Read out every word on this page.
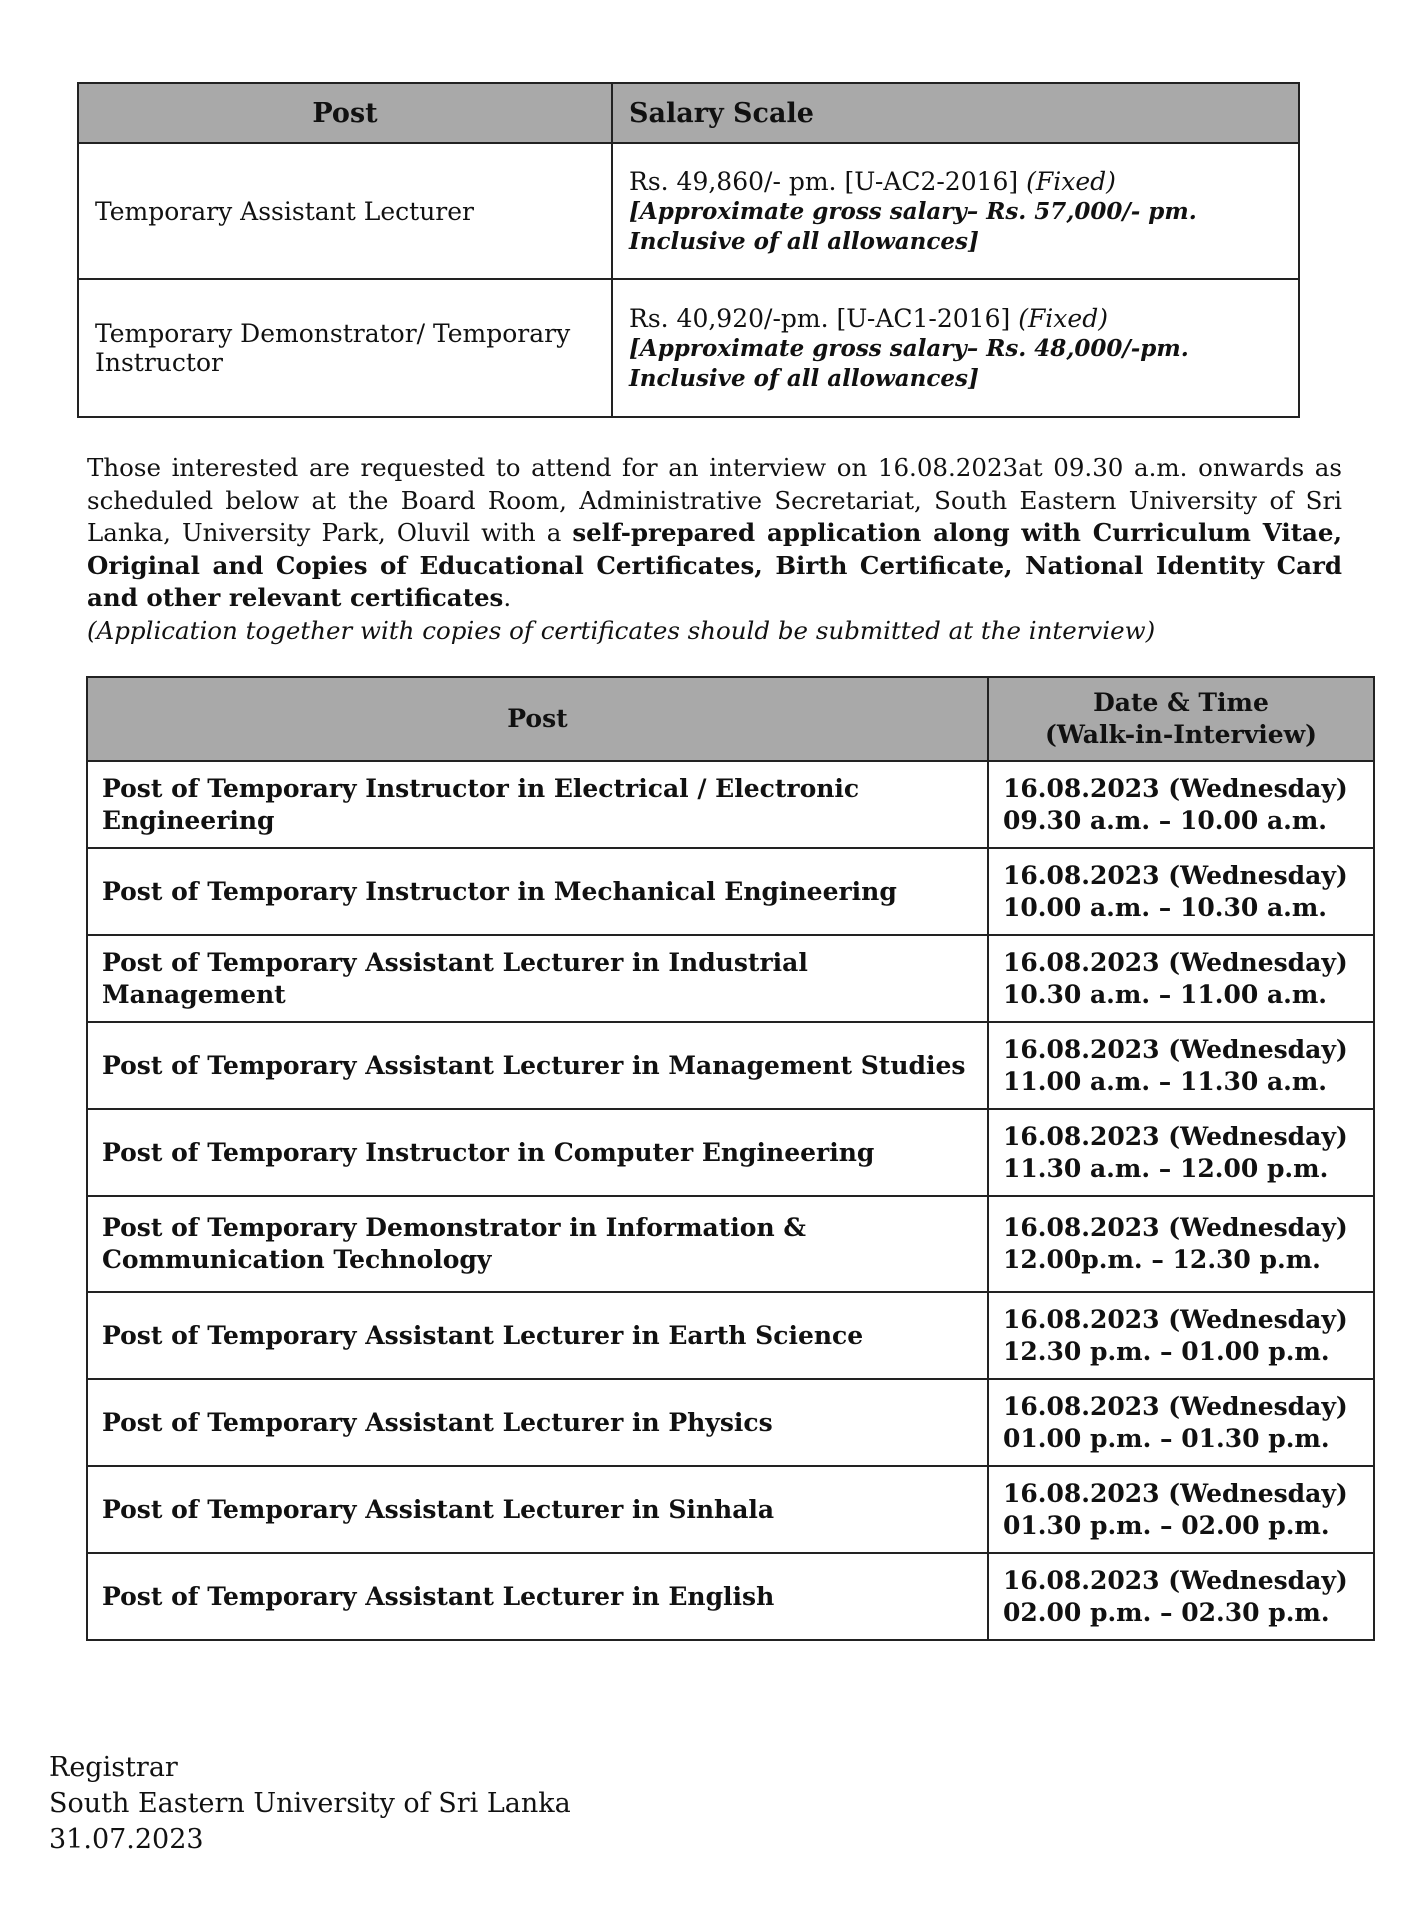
Post	Salary Scale
Temporary Assistant Lecturer	Rs. 49,860/- pm. [U-AC2-2016] (Fixed)
[Approximate gross salary– Rs. 57,000/- pm. Inclusive of all allowances]

Temporary Demonstrator/ Temporary Instructor	Rs. 40,920/-pm. [U-AC1-2016] (Fixed)
[Approximate gross salary– Rs. 48,000/-pm. Inclusive of all allowances]

Those interested are requested to attend for an interview on 16.08.2023at 09.30 a.m. onwards as scheduled below at the Board Room, Administrative Secretariat, South Eastern University of Sri Lanka, University Park, Oluvil with a self-prepared application along with Curriculum Vitae, Original and Copies of Educational Certificates, Birth Certificate, National Identity Card and other relevant certificates.
(Application together with copies of certificates should be submitted at the interview)

Post	Date & Time
(Walk-in-Interview)

Post of Temporary Instructor in Electrical / Electronic Engineering	16.08.2023 (Wednesday)
09.30 a.m. – 10.00 a.m.

Post of Temporary Instructor in Mechanical Engineering	16.08.2023 (Wednesday)
10.00 a.m. – 10.30 a.m.

Post of Temporary Assistant Lecturer in Industrial Management	16.08.2023 (Wednesday)
10.30 a.m. – 11.00 a.m.

Post of Temporary Assistant Lecturer in Management Studies	16.08.2023 (Wednesday)
11.00 a.m. – 11.30 a.m.

Post of Temporary Instructor in Computer Engineering	16.08.2023 (Wednesday)
11.30 a.m. – 12.00 p.m.

Post of Temporary Demonstrator in Information & Communication Technology	16.08.2023 (Wednesday)
12.00p.m. – 12.30 p.m.

Post of Temporary Assistant Lecturer in Earth Science	16.08.2023 (Wednesday)
12.30 p.m. – 01.00 p.m.

Post of Temporary Assistant Lecturer in Physics	16.08.2023 (Wednesday)
01.00 p.m. – 01.30 p.m.

Post of Temporary Assistant Lecturer in Sinhala	16.08.2023 (Wednesday)
01.30 p.m. – 02.00 p.m.

Post of Temporary Assistant Lecturer in English	16.08.2023 (Wednesday)
02.00 p.m. – 02.30 p.m.
Registrar
South Eastern University of Sri Lanka
31.07.2023
